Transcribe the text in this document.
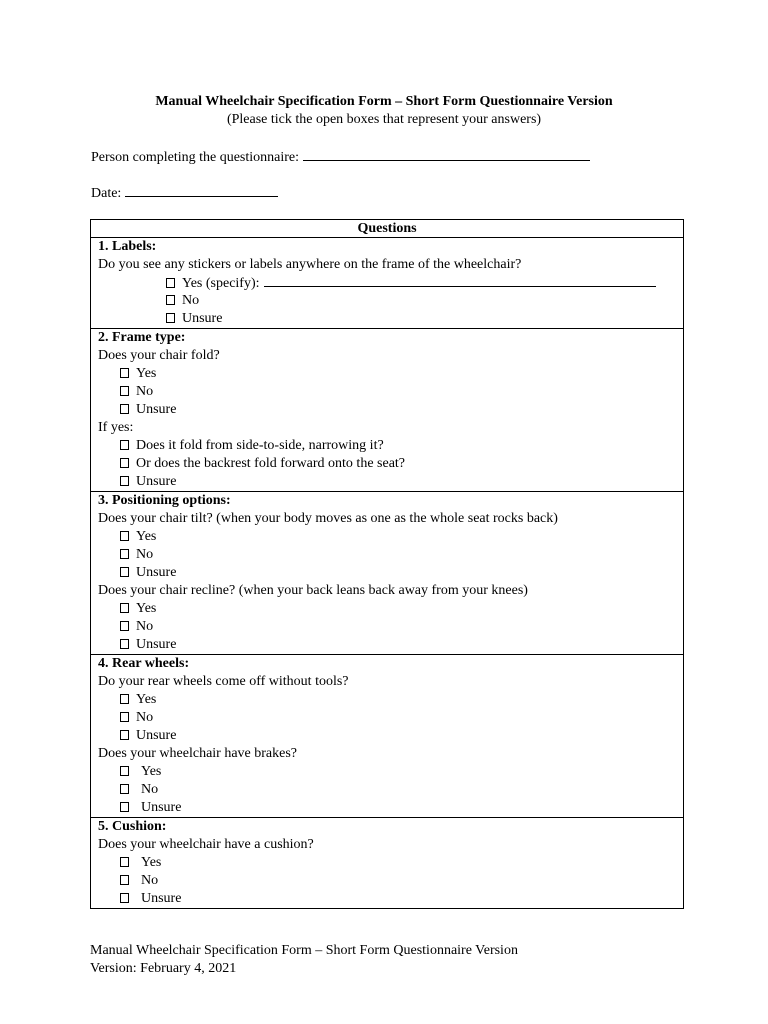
Manual Wheelchair Specification Form – Short Form Questionnaire Version
(Please tick the open boxes that represent your answers)
Person completing the questionnaire:
Date:
Questions

1. Labels:
Do you see any stickers or labels anywhere on the frame of the wheelchair?
Yes (specify):
No
Unsure

2. Frame type:
Does your chair fold?
Yes
No
Unsure
If yes:
Does it fold from side-to-side, narrowing it?
Or does the backrest fold forward onto the seat?
Unsure

3. Positioning options:
Does your chair tilt? (when your body moves as one as the whole seat rocks back)
Yes
No
Unsure
Does your chair recline? (when your back leans back away from your knees)
Yes
No
Unsure

4. Rear wheels:
Do your rear wheels come off without tools?
Yes
No
Unsure
Does your wheelchair have brakes?
Yes
No
Unsure

5. Cushion:
Does your wheelchair have a cushion?
Yes
No
Unsure
Manual Wheelchair Specification Form – Short Form Questionnaire Version
Version: February 4, 2021
